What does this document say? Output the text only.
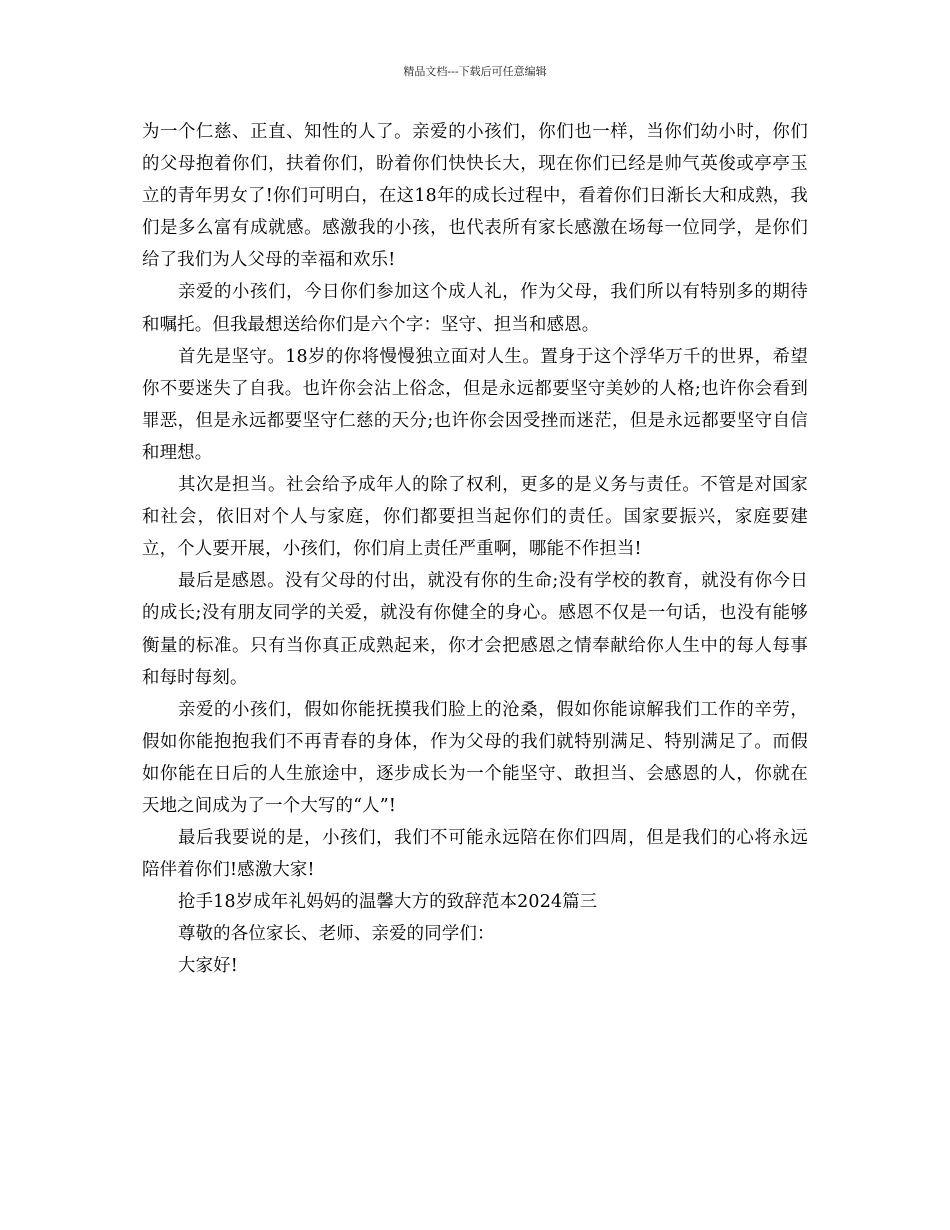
精品文档---下载后可任意编辑

为一个仁慈、正直、知性的人了。亲爱的小孩们，你们也一样，当你们幼小时，你们的父母抱着你们，扶着你们，盼着你们快快长大，现在你们已经是帅气英俊或亭亭玉立的青年男女了!你们可明白，在这18年的成长过程中，看着你们日渐长大和成熟，我们是多么富有成就感。感激我的小孩，也代表所有家长感激在场每一位同学，是你们给了我们为人父母的幸福和欢乐!

亲爱的小孩们，今日你们参加这个成人礼，作为父母，我们所以有特别多的期待和嘱托。但我最想送给你们是六个字：坚守、担当和感恩。

首先是坚守。18岁的你将慢慢独立面对人生。置身于这个浮华万千的世界，希望你不要迷失了自我。也许你会沾上俗念，但是永远都要坚守美妙的人格;也许你会看到罪恶，但是永远都要坚守仁慈的天分;也许你会因受挫而迷茫，但是永远都要坚守自信和理想。

其次是担当。社会给予成年人的除了权利，更多的是义务与责任。不管是对国家和社会，依旧对个人与家庭，你们都要担当起你们的责任。国家要振兴，家庭要建立，个人要开展，小孩们，你们肩上责任严重啊，哪能不作担当!

最后是感恩。没有父母的付出，就没有你的生命;没有学校的教育，就没有你今日的成长;没有朋友同学的关爱，就没有你健全的身心。感恩不仅是一句话，也没有能够衡量的标准。只有当你真正成熟起来，你才会把感恩之情奉献给你人生中的每人每事和每时每刻。

亲爱的小孩们，假如你能抚摸我们脸上的沧桑，假如你能谅解我们工作的辛劳，假如你能抱抱我们不再青春的身体，作为父母的我们就特别满足、特别满足了。而假如你能在日后的人生旅途中，逐步成长为一个能坚守、敢担当、会感恩的人，你就在天地之间成为了一个大写的“人”!

最后我要说的是，小孩们，我们不可能永远陪在你们四周，但是我们的心将永远陪伴着你们!感激大家!

抢手18岁成年礼妈妈的温馨大方的致辞范本2024篇三

尊敬的各位家长、老师、亲爱的同学们：

大家好!
